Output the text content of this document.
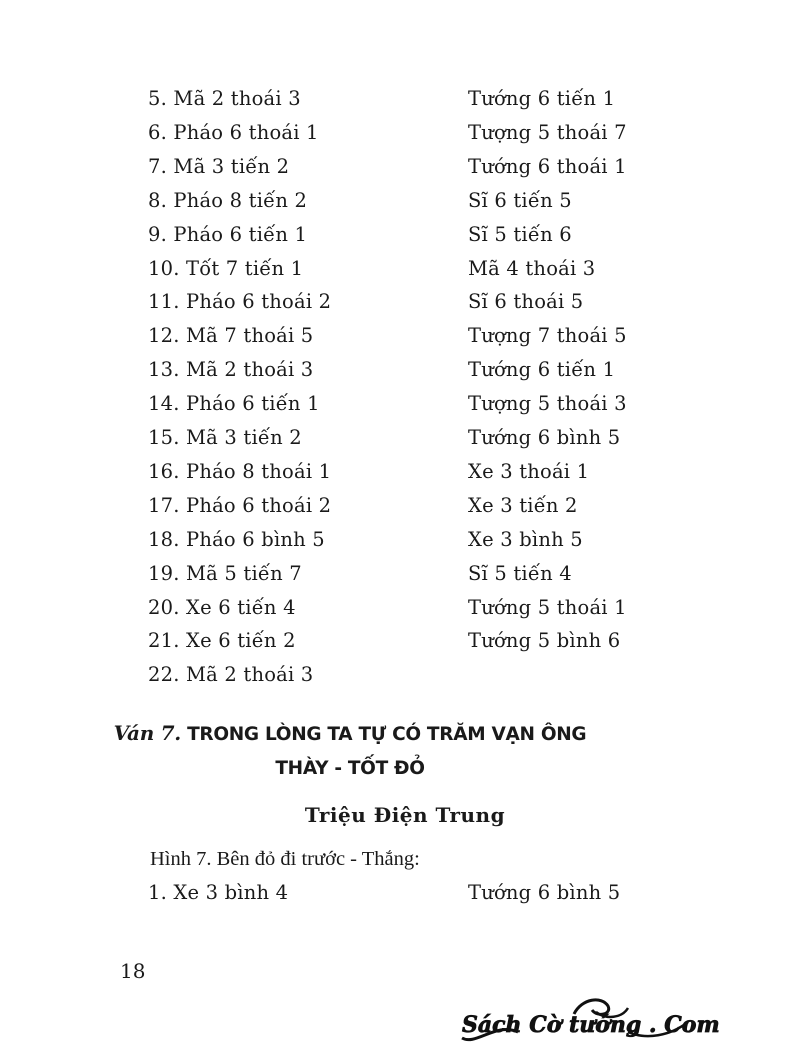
5. Mã 2 thoái 3	Tướng 6 tiến 1
6. Pháo 6 thoái 1	Tượng 5 thoái 7
7. Mã 3 tiến 2	Tướng 6 thoái 1
8. Pháo 8 tiến 2	Sĩ 6 tiến 5
9. Pháo 6 tiến 1	Sĩ 5 tiến 6
10. Tốt 7 tiến 1	Mã 4 thoái 3
11. Pháo 6 thoái 2	Sĩ 6 thoái 5
12. Mã 7 thoái 5	Tượng 7 thoái 5
13. Mã 2 thoái 3	Tướng 6 tiến 1
14. Pháo 6 tiến 1	Tượng 5 thoái 3
15. Mã 3 tiến 2	Tướng 6 bình 5
16. Pháo 8 thoái 1	Xe 3 thoái 1
17. Pháo 6 thoái 2	Xe 3 tiến 2
18. Pháo 6 bình 5	Xe 3 bình 5
19. Mã 5 tiến 7	Sĩ 5 tiến 4
20. Xe 6 tiến 4	Tướng 5 thoái 1
21. Xe 6 tiến 2	Tướng 5 bình 6
22. Mã 2 thoái 3
Ván 7. TRONG LÒNG TA TỰ CÓ TRĂM VẠN ÔNG
THÀY - TỐT ĐỎ
Triệu Điện Trung
Hình 7. Bên đỏ đi trước - Thắng:
1. Xe 3 bình 4	Tướng 6 bình 5
18
Sách Cờ tướng . Com
